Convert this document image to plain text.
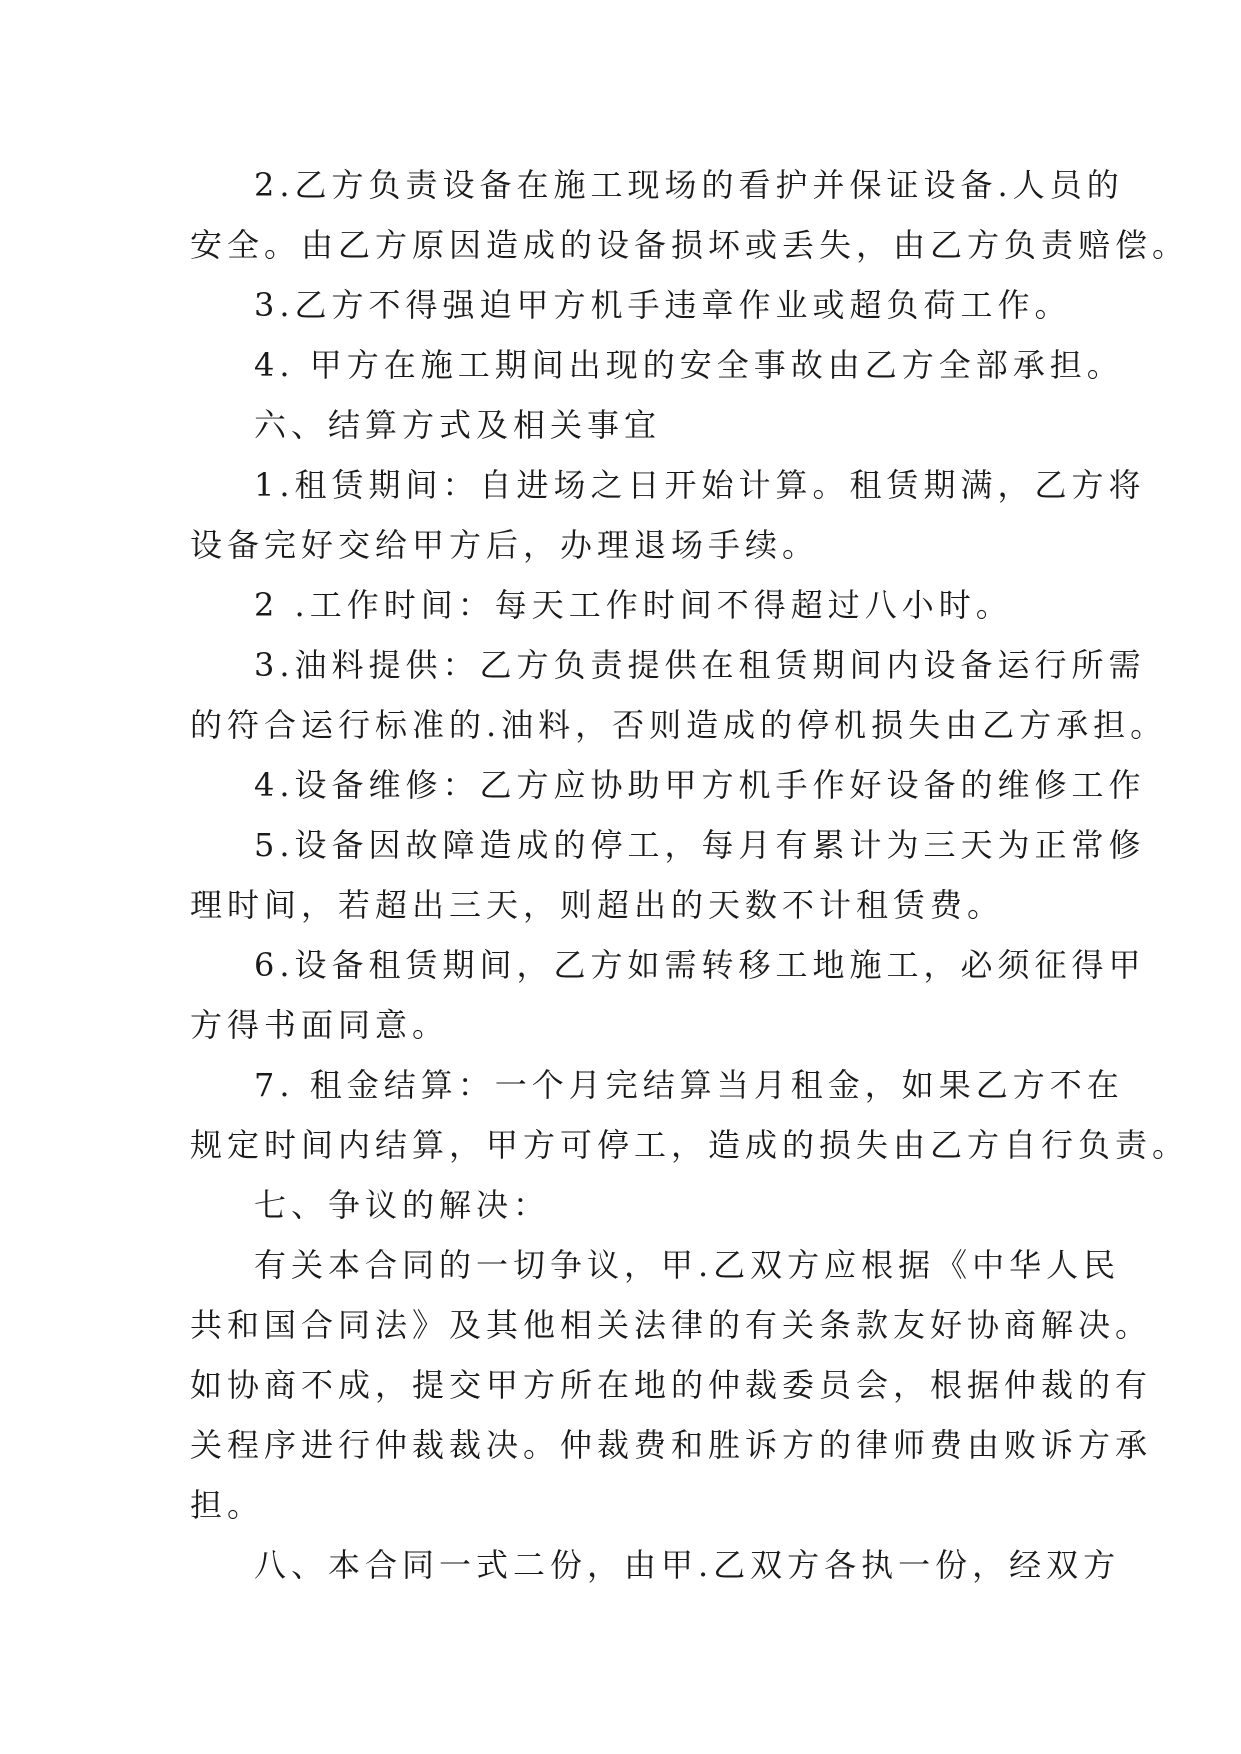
2.乙方负责设备在施工现场的看护并保证设备.人员的
安全。由乙方原因造成的设备损坏或丢失，由乙方负责赔偿。
3.乙方不得强迫甲方机手违章作业或超负荷工作。
4. 甲方在施工期间出现的安全事故由乙方全部承担。
六、结算方式及相关事宜
1.租赁期间：自进场之日开始计算。租赁期满，乙方将
设备完好交给甲方后，办理退场手续。
2 .工作时间：每天工作时间不得超过八小时。
3.油料提供：乙方负责提供在租赁期间内设备运行所需
的符合运行标准的.油料，否则造成的停机损失由乙方承担。
4.设备维修：乙方应协助甲方机手作好设备的维修工作
5.设备因故障造成的停工，每月有累计为三天为正常修
理时间，若超出三天，则超出的天数不计租赁费。
6.设备租赁期间，乙方如需转移工地施工，必须征得甲
方得书面同意。
7. 租金结算：一个月完结算当月租金，如果乙方不在
规定时间内结算，甲方可停工，造成的损失由乙方自行负责。
七、争议的解决：
有关本合同的一切争议，甲.乙双方应根据《中华人民
共和国合同法》及其他相关法律的有关条款友好协商解决。
如协商不成，提交甲方所在地的仲裁委员会，根据仲裁的有
关程序进行仲裁裁决。仲裁费和胜诉方的律师费由败诉方承
担。
八、本合同一式二份，由甲.乙双方各执一份，经双方
